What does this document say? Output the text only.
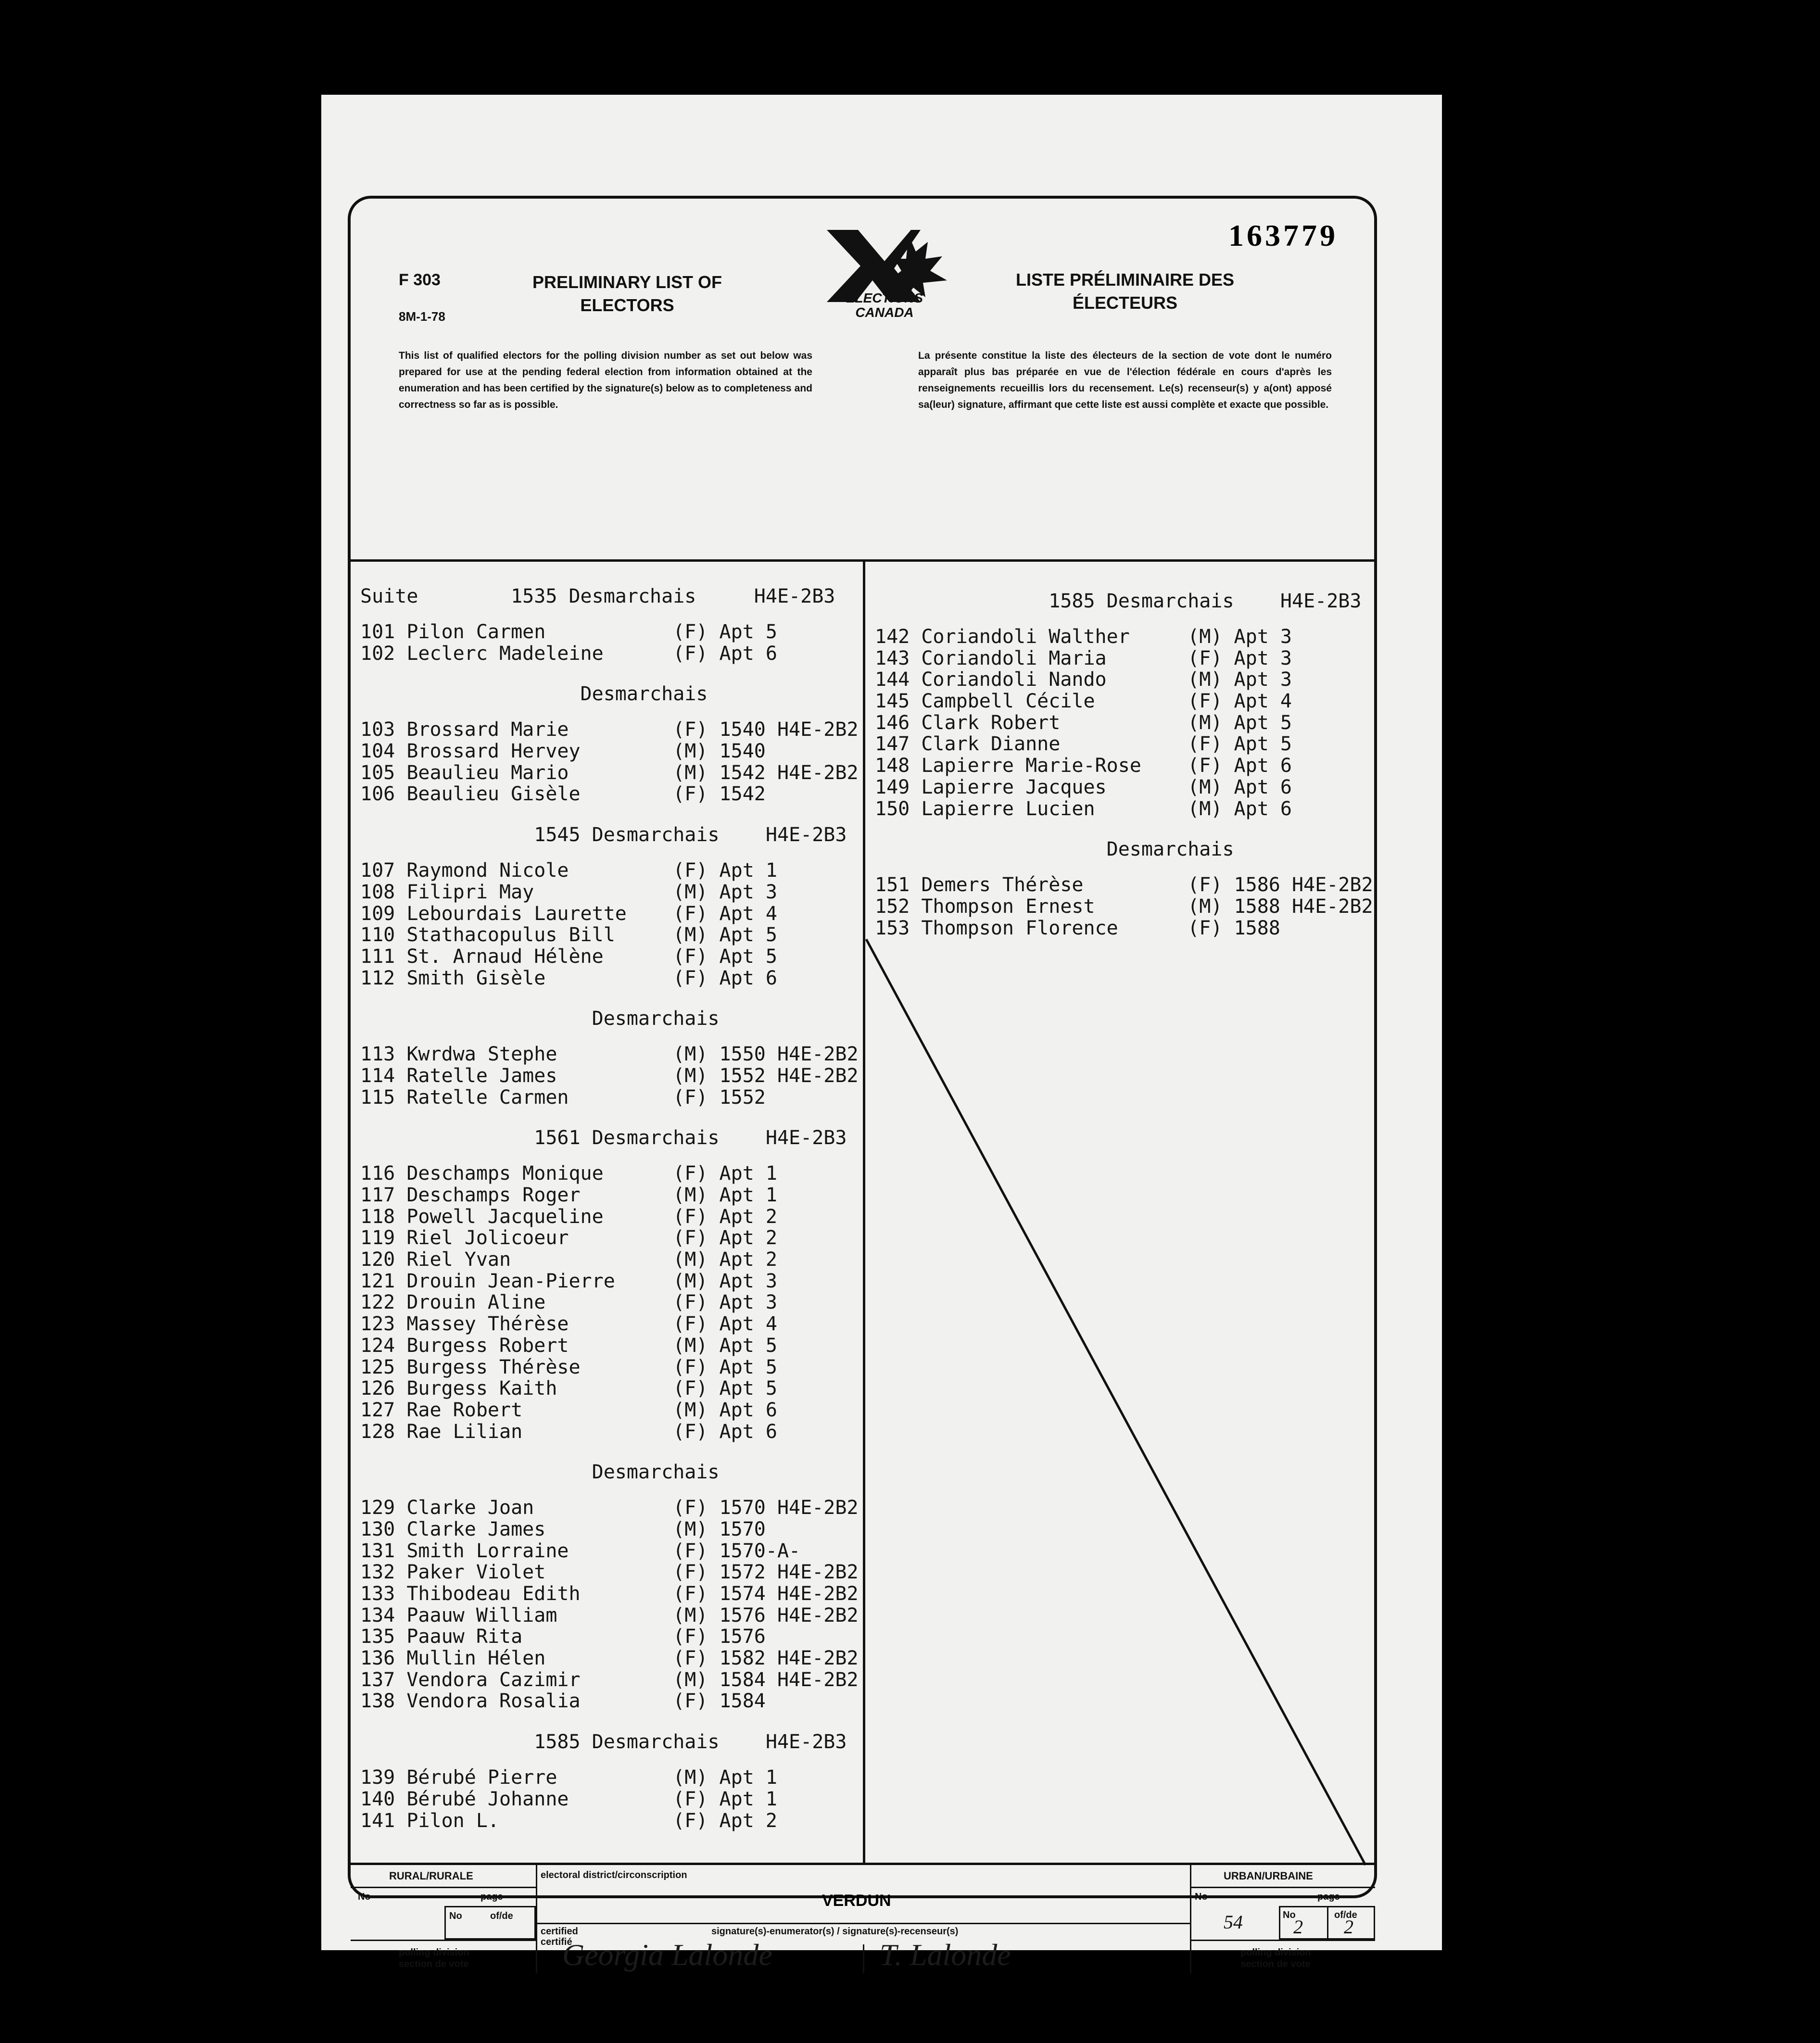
163779
F 303
8M-1-78
PRELIMINARY LIST OF
ELECTORS	ÉLECTIONS
CANADA
LISTE PRÉLIMINAIRE DES
ÉLECTEURS
This list of qualified electors for the polling division number as set out below was prepared for use at the pending federal election from information obtained at the enumeration and has been certified by the signature(s) below as to completeness and correctness so far as is possible.
La présente constitue la liste des électeurs de la section de vote dont le numéro apparaît plus bas préparée en vue de l'élection fédérale en cours d'après les renseignements recueillis lors du recensement. Le(s) recenseur(s) y a(ont) apposé sa(leur) signature, affirmant que cette liste est aussi complète et exacte que possible.
Suite        1535 Desmarchais     H4E-2B3
101 Pilon Carmen           (F) Apt 5
102 Leclerc Madeleine      (F) Apt 6
Desmarchais
103 Brossard Marie         (F) 1540 H4E-2B2
104 Brossard Hervey        (M) 1540
105 Beaulieu Mario         (M) 1542 H4E-2B2
106 Beaulieu Gisèle        (F) 1542
1545 Desmarchais    H4E-2B3
107 Raymond Nicole         (F) Apt 1
108 Filipri May            (M) Apt 3
109 Lebourdais Laurette    (F) Apt 4
110 Stathacopulus Bill     (M) Apt 5
111 St. Arnaud Hélène      (F) Apt 5
112 Smith Gisèle           (F) Apt 6
Desmarchais
113 Kwrdwa Stephe          (M) 1550 H4E-2B2
114 Ratelle James          (M) 1552 H4E-2B2
115 Ratelle Carmen         (F) 1552
1561 Desmarchais    H4E-2B3
116 Deschamps Monique      (F) Apt 1
117 Deschamps Roger        (M) Apt 1
118 Powell Jacqueline      (F) Apt 2
119 Riel Jolicoeur         (F) Apt 2
120 Riel Yvan              (M) Apt 2
121 Drouin Jean-Pierre     (M) Apt 3
122 Drouin Aline           (F) Apt 3
123 Massey Thérèse         (F) Apt 4
124 Burgess Robert         (M) Apt 5
125 Burgess Thérèse        (F) Apt 5
126 Burgess Kaith          (F) Apt 5
127 Rae Robert             (M) Apt 6
128 Rae Lilian             (F) Apt 6
Desmarchais
129 Clarke Joan            (F) 1570 H4E-2B2
130 Clarke James           (M) 1570
131 Smith Lorraine         (F) 1570-A-
132 Paker Violet           (F) 1572 H4E-2B2
133 Thibodeau Edith        (F) 1574 H4E-2B2
134 Paauw William          (M) 1576 H4E-2B2
135 Paauw Rita             (F) 1576
136 Mullin Hélen           (F) 1582 H4E-2B2
137 Vendora Cazimir        (M) 1584 H4E-2B2
138 Vendora Rosalia        (F) 1584
1585 Desmarchais    H4E-2B3
139 Bérubé Pierre          (M) Apt 1
140 Bérubé Johanne         (F) Apt 1
141 Pilon L.               (F) Apt 2
1585 Desmarchais    H4E-2B3
142 Coriandoli Walther     (M) Apt 3
143 Coriandoli Maria       (F) Apt 3
144 Coriandoli Nando       (M) Apt 3
145 Campbell Cécile        (F) Apt 4
146 Clark Robert           (M) Apt 5
147 Clark Dianne           (F) Apt 5
148 Lapierre Marie-Rose    (F) Apt 6
149 Lapierre Jacques       (M) Apt 6
150 Lapierre Lucien        (M) Apt 6
Desmarchais
151 Demers Thérèse         (F) 1586 H4E-2B2
152 Thompson Ernest        (M) 1588 H4E-2B2
153 Thompson Florence      (F) 1588
RURAL/RURALE
No	page
No	of/de
polling division
section de vote
electoral district/circonscription
VERDUN
certified
certifié
signature(s)-enumerator(s) / signature(s)-recenseur(s)
Georgia Lalonde	T. Lalonde
URBAN/URBAINE
No	page
54	No
2
of/de
2
polling division
section de vote
